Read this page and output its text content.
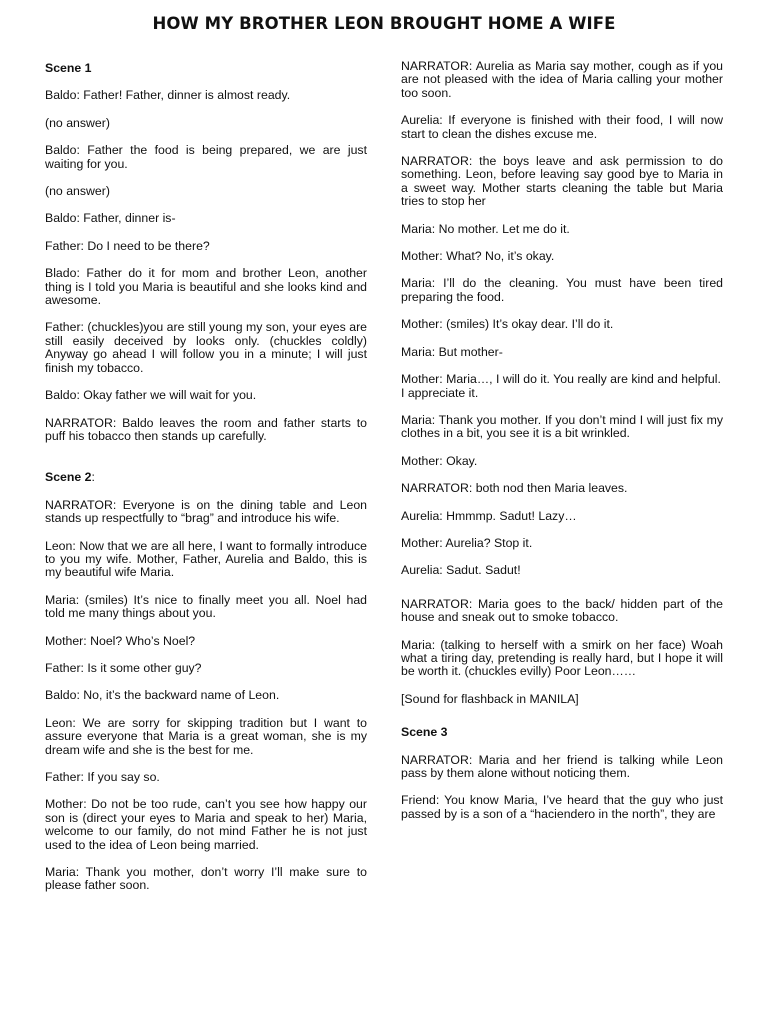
HOW MY BROTHER LEON BROUGHT HOME A WIFE

Scene 1

Baldo: Father! Father, dinner is almost ready.

(no answer)

Baldo: Father the food is being prepared, we are just waiting for you.

(no answer)

Baldo: Father, dinner is-

Father: Do I need to be there?

Blado: Father do it for mom and brother Leon, another thing is I told you Maria is beautiful and she looks kind and awesome.

Father: (chuckles)you are still young my son, your eyes are still easily deceived by looks only. (chuckles coldly) Anyway go ahead I will follow you in a minute; I will just finish my tobacco.

Baldo: Okay father we will wait for you.

NARRATOR: Baldo leaves the room and father starts to puff his tobacco then stands up carefully.

Scene 2:

NARRATOR: Everyone is on the dining table and Leon stands up respectfully to “brag” and introduce his wife.

Leon: Now that we are all here, I want to formally introduce to you my wife. Mother, Father, Aurelia and Baldo, this is my beautiful wife Maria.

Maria: (smiles) It’s nice to finally meet you all. Noel had told me many things about you.

Mother: Noel? Who’s Noel?

Father: Is it some other guy?

Baldo: No, it’s the backward name of Leon.

Leon: We are sorry for skipping tradition but I want to assure everyone that Maria is a great woman, she is my dream wife and she is the best for me.

Father: If you say so.

Mother: Do not be too rude, can’t you see how happy our son is (direct your eyes to Maria and speak to her) Maria, welcome to our family, do not mind Father he is not just used to the idea of Leon being married.

Maria: Thank you mother, don’t worry I’ll make sure to please father soon.

NARRATOR: Aurelia as Maria say mother, cough as if you are not pleased with the idea of Maria calling your mother too soon.

Aurelia: If everyone is finished with their food, I will now start to clean the dishes excuse me.

NARRATOR: the boys leave and ask permission to do something. Leon, before leaving say good bye to Maria in a sweet way. Mother starts cleaning the table but Maria tries to stop her

Maria: No mother. Let me do it.

Mother: What? No, it’s okay.

Maria: I’ll do the cleaning. You must have been tired preparing the food.

Mother: (smiles) It’s okay dear. I’ll do it.

Maria: But mother-

Mother: Maria…, I will do it. You really are kind and helpful.

I appreciate it.

Maria: Thank you mother. If you don’t mind I will just fix my clothes in a bit, you see it is a bit wrinkled.

Mother: Okay.

NARRATOR: both nod then Maria leaves.

Aurelia: Hmmmp. Sadut! Lazy…

Mother: Aurelia? Stop it.

Aurelia: Sadut. Sadut!

NARRATOR: Maria goes to the back/ hidden part of the house and sneak out to smoke tobacco.

Maria: (talking to herself with a smirk on her face) Woah what a tiring day, pretending is really hard, but I hope it will be worth it. (chuckles evilly) Poor Leon……

[Sound for flashback in MANILA]

Scene 3

NARRATOR: Maria and her friend is talking while Leon pass by them alone without noticing them.

Friend: You know Maria, I’ve heard that the guy who just passed by is a son of a “haciendero in the north”, they are
